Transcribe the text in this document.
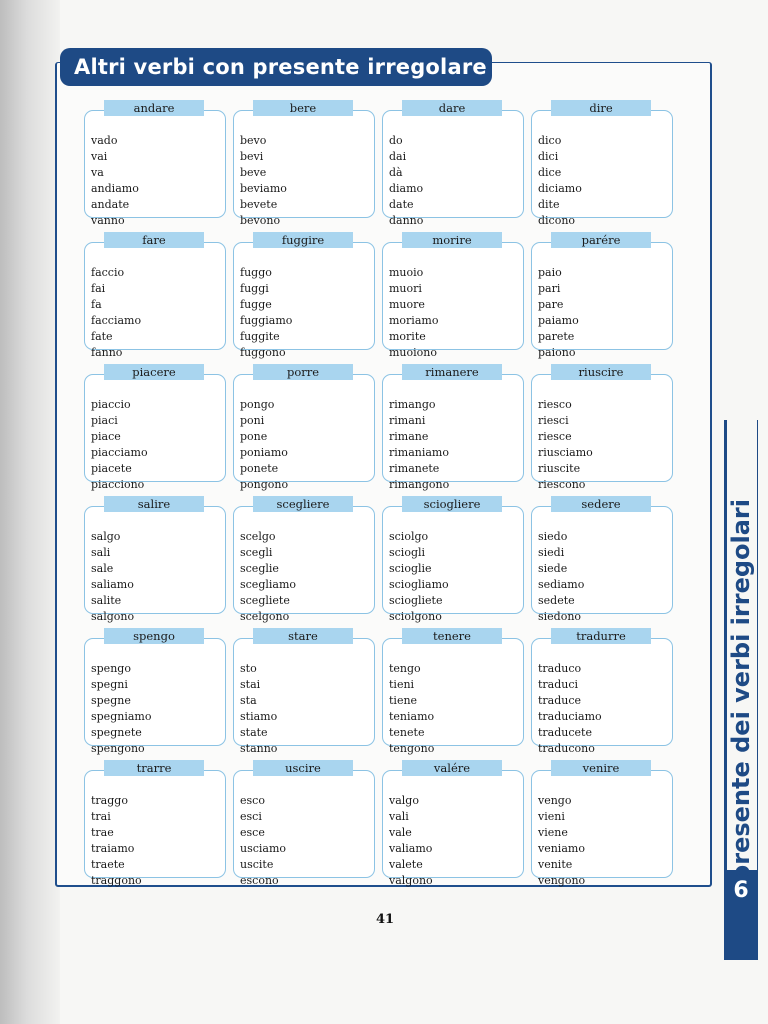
Altri verbi con presente irregolare
vado
vai
va
andiamo
andate
vanno
andare
bevo
bevi
beve
beviamo
bevete
bevono
bere
do
dai
dà
diamo
date
danno
dare
dico
dici
dice
diciamo
dite
dicono
dire
faccio
fai
fa
facciamo
fate
fanno
fare
fuggo
fuggi
fugge
fuggiamo
fuggite
fuggono
fuggire
muoio
muori
muore
moriamo
morite
muoiono
morire
paio
pari
pare
paiamo
parete
paiono
parére
piaccio
piaci
piace
piacciamo
piacete
piacciono
piacere
pongo
poni
pone
poniamo
ponete
pongono
porre
rimango
rimani
rimane
rimaniamo
rimanete
rimangono
rimanere
riesco
riesci
riesce
riusciamo
riuscite
riescono
riuscire
salgo
sali
sale
saliamo
salite
salgono
salire
scelgo
scegli
sceglie
scegliamo
scegliete
scelgono
scegliere
sciolgo
sciogli
scioglie
sciogliamo
sciogliete
sciolgono
sciogliere
siedo
siedi
siede
sediamo
sedete
siedono
sedere
spengo
spegni
spegne
spegniamo
spegnete
spengono
spengo
sto
stai
sta
stiamo
state
stanno
stare
tengo
tieni
tiene
teniamo
tenete
tengono
tenere
traduco
traduci
traduce
traduciamo
traducete
traducono
tradurre
traggo
trai
trae
traiamo
traete
traggono
trarre
esco
esci
esce
usciamo
uscite
escono
uscire
valgo
vali
vale
valiamo
valete
valgono
valére
vengo
vieni
viene
veniamo
venite
vengono
venire	presente dei verbi irregolari
6
41
